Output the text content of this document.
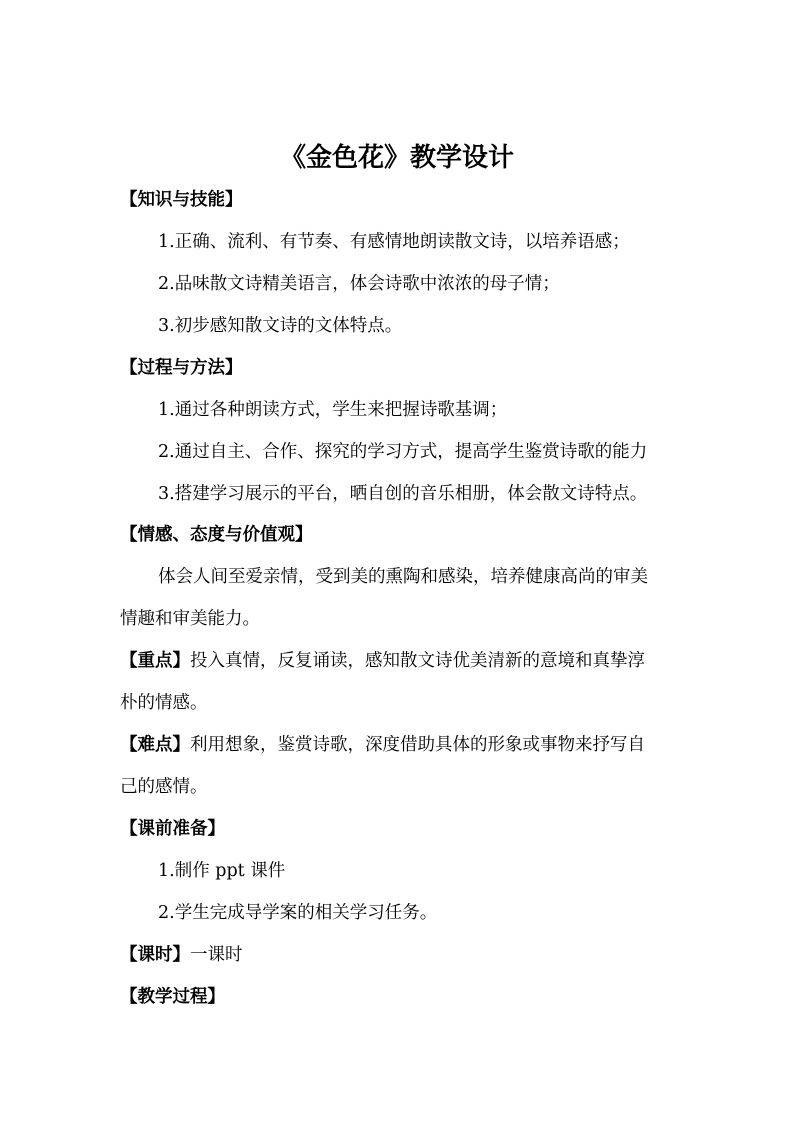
《金色花》教学设计
【知识与技能】
1.正确、流利、有节奏、有感情地朗读散文诗，以培养语感；
2.品味散文诗精美语言，体会诗歌中浓浓的母子情；
3.初步感知散文诗的文体特点。
【过程与方法】
1.通过各种朗读方式，学生来把握诗歌基调；
2.通过自主、合作、探究的学习方式，提高学生鉴赏诗歌的能力
3.搭建学习展示的平台，晒自创的音乐相册，体会散文诗特点。
【情感、态度与价值观】
体会人间至爱亲情，受到美的熏陶和感染，培养健康高尚的审美
情趣和审美能力。
【重点】投入真情，反复诵读，感知散文诗优美清新的意境和真挚淳
朴的情感。
【难点】利用想象，鉴赏诗歌，深度借助具体的形象或事物来抒写自
己的感情。
【课前准备】
1.制作 ppt 课件
2.学生完成导学案的相关学习任务。
【课时】一课时
【教学过程】
